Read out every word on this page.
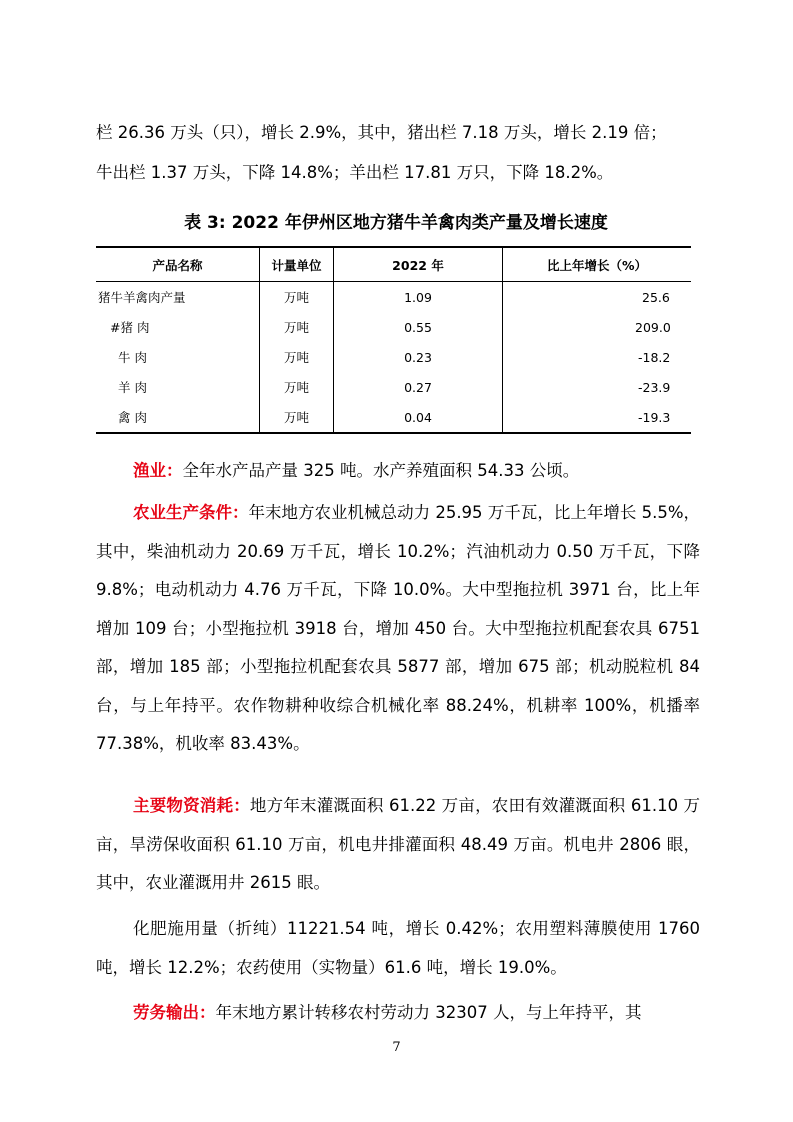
栏 26.36 万头（只），增长 2.9%，其中，猪出栏 7.18 万头，增长 2.19 倍；

牛出栏 1.37 万头，下降 14.8%；羊出栏 17.81 万只，下降 18.2%。

表 3: 2022 年伊州区地方猪牛羊禽肉类产量及增长速度

产品名称	计量单位	2022 年	比上年增长（%）
猪牛羊禽肉产量	万吨	1.09	25.6
#猪 肉	万吨	0.55	209.0
牛 肉	万吨	0.23	-18.2
羊 肉	万吨	0.27	-23.9
禽 肉	万吨	0.04	-19.3

渔业：全年水产品产量 325 吨。水产养殖面积 54.33 公顷。

农业生产条件：年末地方农业机械总动力 25.95 万千瓦，比上年增长 5.5%，其中，柴油机动力 20.69 万千瓦，增长 10.2%；汽油机动力 0.50 万千瓦，下降 9.8%；电动机动力 4.76 万千瓦，下降 10.0%。大中型拖拉机 3971 台，比上年增加 109 台；小型拖拉机 3918 台，增加 450 台。大中型拖拉机配套农具 6751 部，增加 185 部；小型拖拉机配套农具 5877 部，增加 675 部；机动脱粒机 84 台，与上年持平。农作物耕种收综合机械化率 88.24%，机耕率 100%，机播率 77.38%，机收率 83.43%。

主要物资消耗：地方年末灌溉面积 61.22 万亩，农田有效灌溉面积 61.10 万亩，旱涝保收面积 61.10 万亩，机电井排灌面积 48.49 万亩。机电井 2806 眼，其中，农业灌溉用井 2615 眼。

化肥施用量（折纯）11221.54 吨，增长 0.42%；农用塑料薄膜使用 1760 吨，增长 12.2%；农药使用（实物量）61.6 吨，增长 19.0%。

劳务输出：年末地方累计转移农村劳动力 32307 人，与上年持平，其

7
